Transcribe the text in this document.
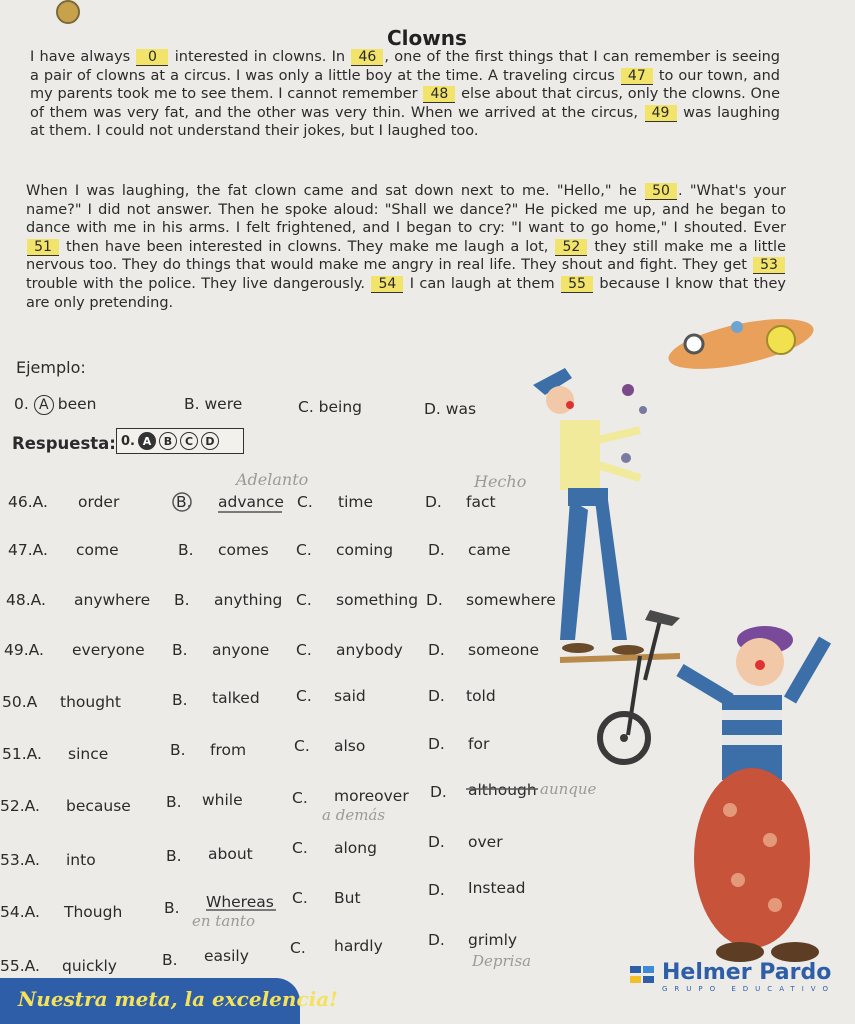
Clowns
I have always 0 interested in clowns. In 46 , one of the first things that I can remember is seeing a pair of clowns at a circus. I was only a little boy at the time. A traveling circus 47 to our town, and my parents took me to see them. I cannot remember 48 else about that circus, only the clowns. One of them was very fat, and the other was very thin. When we arrived at the circus, 49 was laughing at them. I could not understand their jokes, but I laughed too.
When I was laughing, the fat clown came and sat down next to me. "Hello," he 50 . "What's your name?" I did not answer. Then he spoke aloud: "Shall we dance?" He picked me up, and he began to dance with me in his arms. I felt frightened, and I began to cry: "I want to go home," I shouted. Ever 51 then have been interested in clowns. They make me laugh a lot, 52 they still make me a little nervous too. They do things that would make me angry in real life. They shout and fight. They get 53 trouble with the police. They live dangerously. 54 I can laugh at them 55 because I know that they are only pretending.
Ejemplo:
0. A been	B. were	C. being	D. was
Respuesta: 0. A	B	C	D
46.A. order	B. advance C. time	D. fact
47.A. come	B. comes C. coming D. came
48.A. anywhere B. anything C. something D. somewhere
49.A. everyone B. anyone C. anybody D. someone
50.A thought	B. talked C. said	D. told
51.A. since	B. from	C. also	D. for
52.A. because B. while	C. moreover D. although
53.A. into	B. about	C. along	D. over
54.A. Though	B. Whereas C. But	D. Instead
55.A. quickly	B. easily	C. hardly	D. grimly
Adelanto	Hecho
a demás
aunque
en tanto
Deprisa
Nuestra meta, la excelencia!
Helmer Pardo
GRUPO EDUCATIVO
